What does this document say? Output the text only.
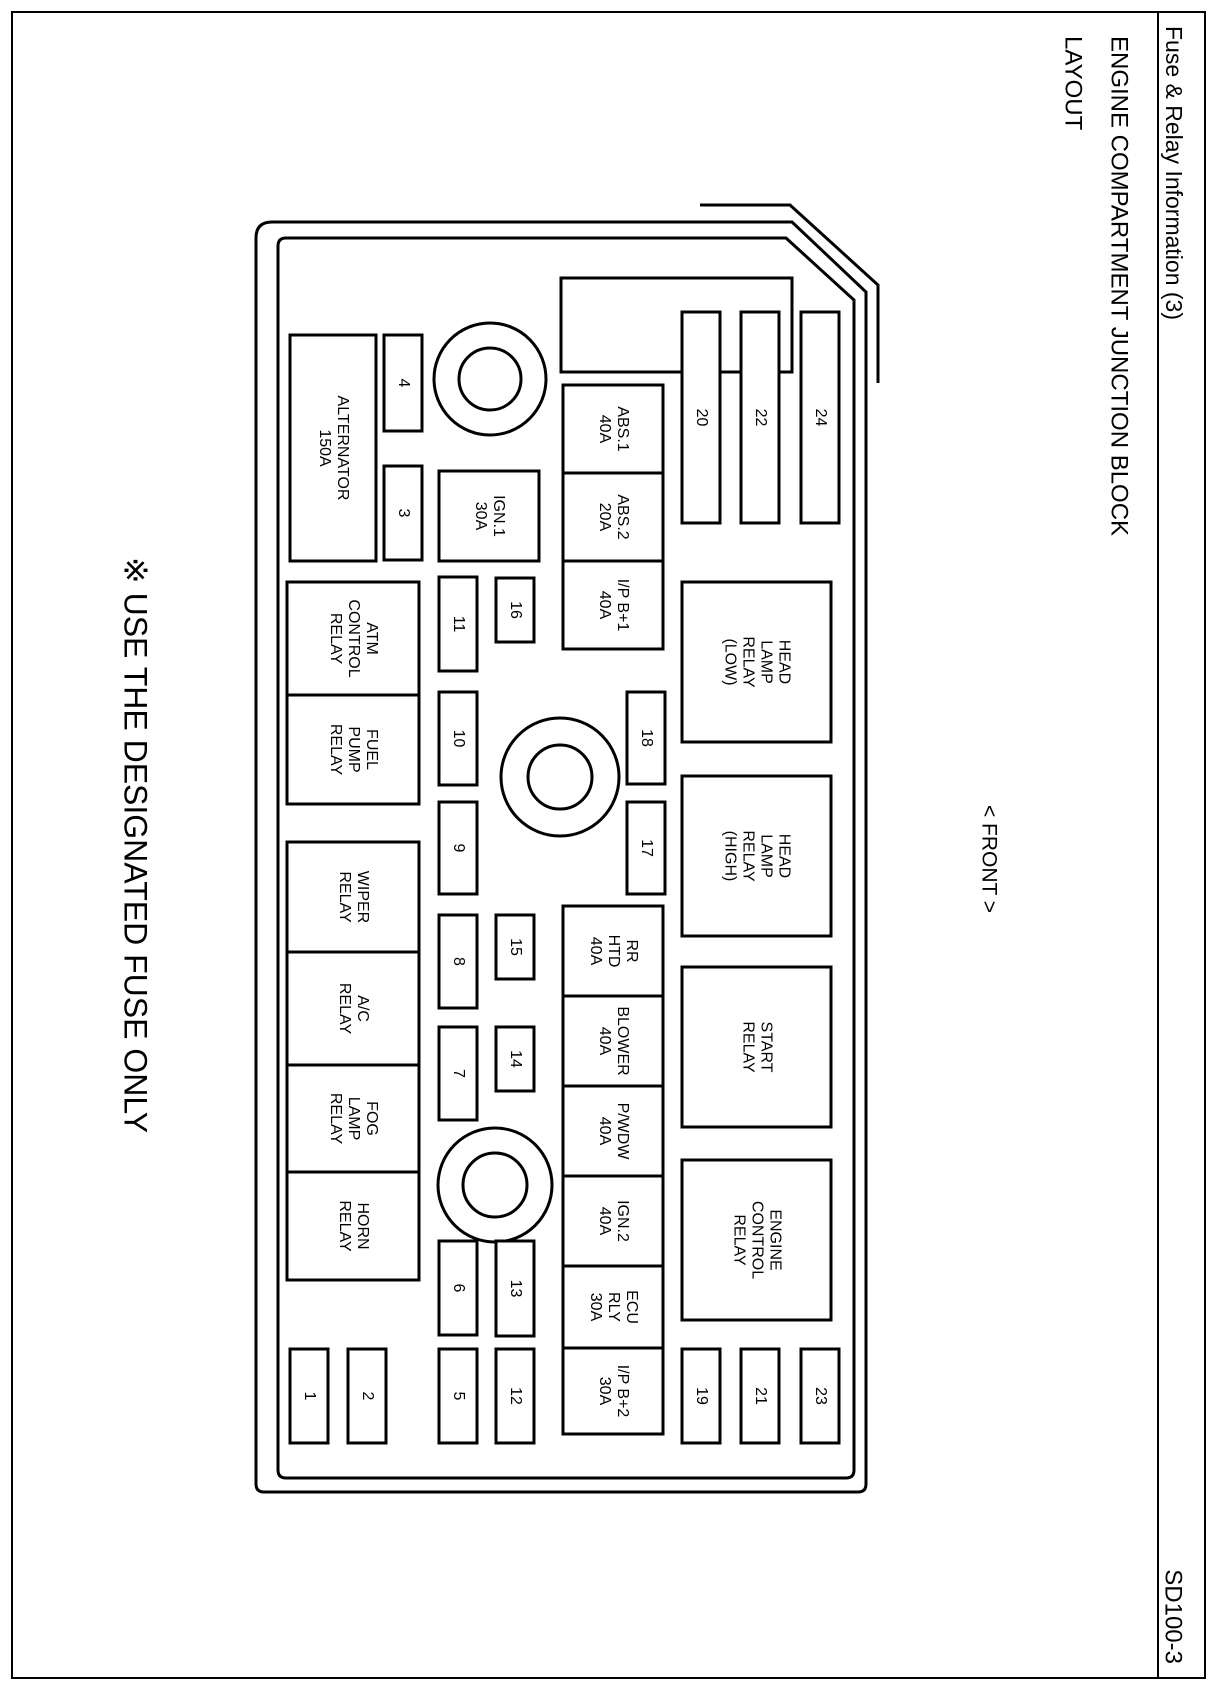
Fuse & Relay Information (3)
SD100-3
ENGINE COMPARTMENT JUNCTION BLOCK
LAYOUT
< FRONT >
※ USE THE DESIGNATED FUSE ONLY
24
22
20
HEAD
LAMP
RELAY
(LOW)
HEAD
LAMP
RELAY
(HIGH)
START
RELAY
ENGINE
CONTROL
RELAY
23
21
19
ABS.1
40A
ABS.2
20A
I/P B+1
40A
18
17
RR
HTD
40A
BLOWER
40A
P/WDW
40A
IGN.2
40A
ECU
RLY
30A
I/P B+2
30A
IGN.1
30A
16
15
14
13
12
11
10
9
8
7
6
5
4
3
2
1
ALTERNATOR
150A
ATM
CONTROL
RELAY
FUEL
PUMP
RELAY
WIPER
RELAY
A/C
RELAY
FOG
LAMP
RELAY
HORN
RELAY
